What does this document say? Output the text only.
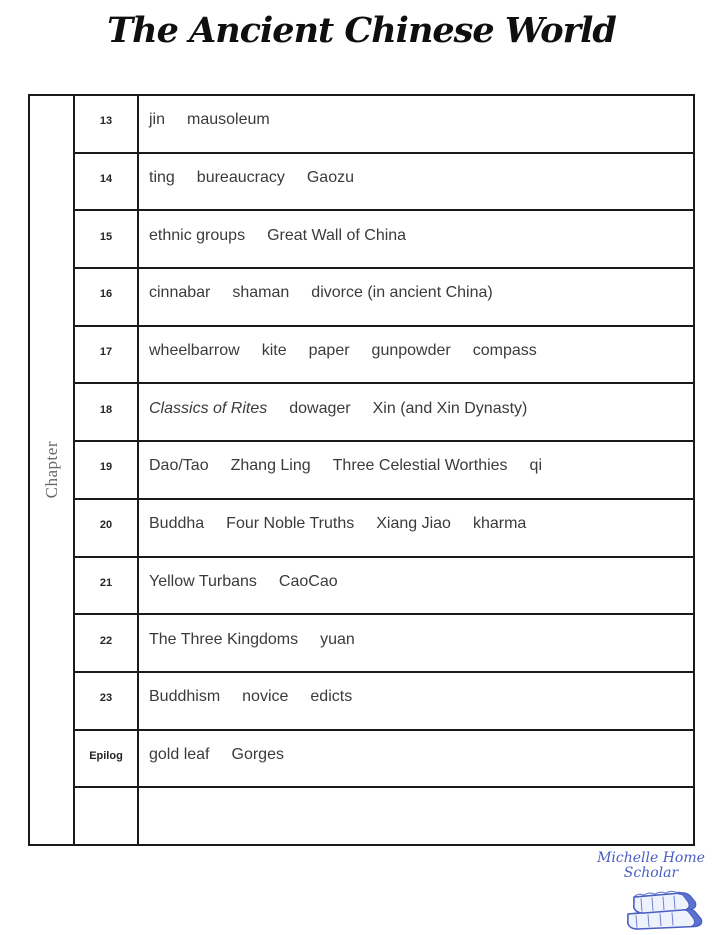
The Ancient Chinese World
Chapter
13	jin mausoleum
14	ting bureaucracy Gaozu
15	ethnic groups Great Wall of China
16	cinnabar shaman divorce (in ancient China)
17	wheelbarrow kite paper gunpowder compass
18	Classics of Rites dowager Xin (and Xin Dynasty)
19	Dao/Tao Zhang Ling Three Celestial Worthies qi
20	Buddha Four Noble Truths Xiang Jiao kharma
21	Yellow Turbans CaoCao
22	The Three Kingdoms yuan
23	Buddhism novice edicts
Epilog	gold leaf Gorges
Michelle Home
Scholar
